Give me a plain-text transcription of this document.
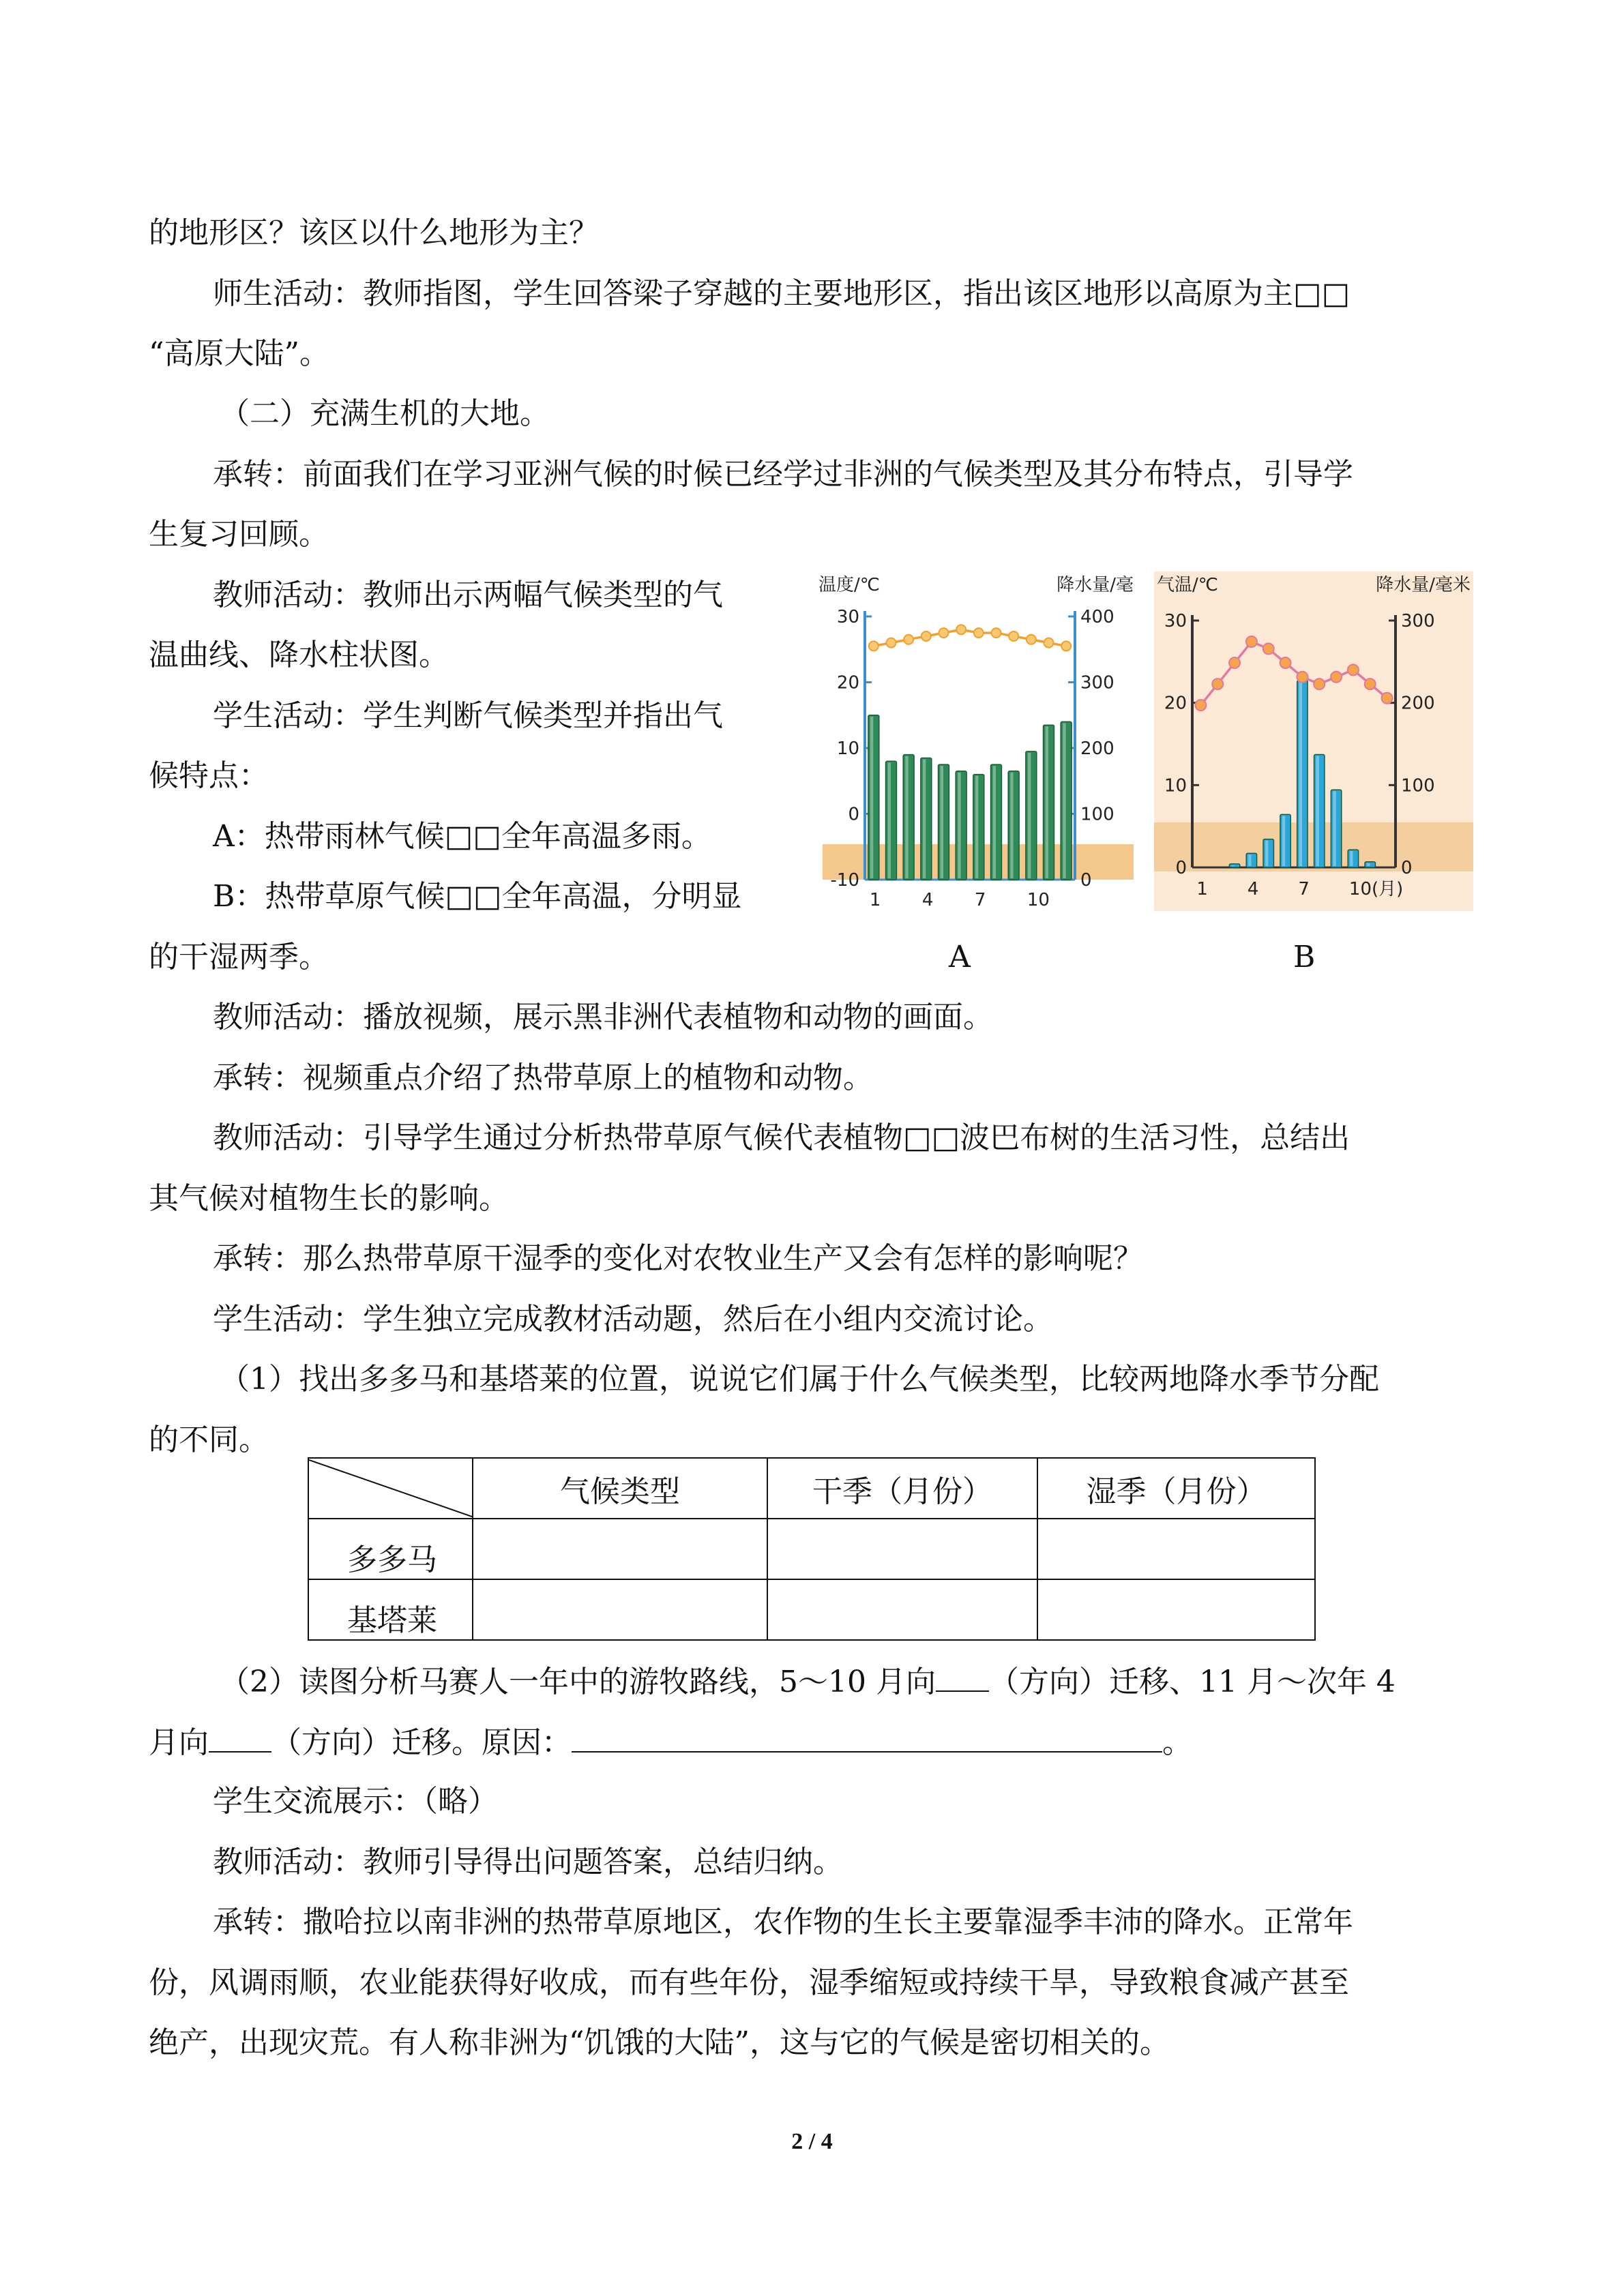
的地形区？该区以什么地形为主？
师生活动：教师指图，学生回答梁子穿越的主要地形区，指出该区地形以高原为主□□
“高原大陆”。
（二）充满生机的大地。
承转：前面我们在学习亚洲气候的时候已经学过非洲的气候类型及其分布特点，引导学
生复习回顾。
教师活动：教师出示两幅气候类型的气
温曲线、降水柱状图。
学生活动：学生判断气候类型并指出气
候特点：
A：热带雨林气候□□全年高温多雨。
B：热带草原气候□□全年高温，分明显
的干湿两季。
温度/℃	降水量/毫
30
20
10
0
-10
400
300
200
100
0
1 4 7 10
A
气温/℃	降水量/毫米
30
20
10
0
300
200
100
0
1 4 7 10(月)
B
教师活动：播放视频，展示黑非洲代表植物和动物的画面。
承转：视频重点介绍了热带草原上的植物和动物。
教师活动：引导学生通过分析热带草原气候代表植物□□波巴布树的生活习性，总结出
其气候对植物生长的影响。
承转：那么热带草原干湿季的变化对农牧业生产又会有怎样的影响呢？
学生活动：学生独立完成教材活动题，然后在小组内交流讨论。
（1）找出多多马和基塔莱的位置，说说它们属于什么气候类型，比较两地降水季节分配
的不同。
	气候类型	干季（月份）	湿季（月份）
多多马			
基塔莱			
（2）读图分析马赛人一年中的游牧路线，5～10 月向 （方向）迁移、11 月～次年 4
月向 （方向）迁移。原因：	。
学生交流展示：（略）
教师活动：教师引导得出问题答案，总结归纳。
承转：撒哈拉以南非洲的热带草原地区，农作物的生长主要靠湿季丰沛的降水。正常年
份，风调雨顺，农业能获得好收成，而有些年份，湿季缩短或持续干旱，导致粮食减产甚至
绝产，出现灾荒。有人称非洲为“饥饿的大陆”，这与它的气候是密切相关的。
2 / 4
